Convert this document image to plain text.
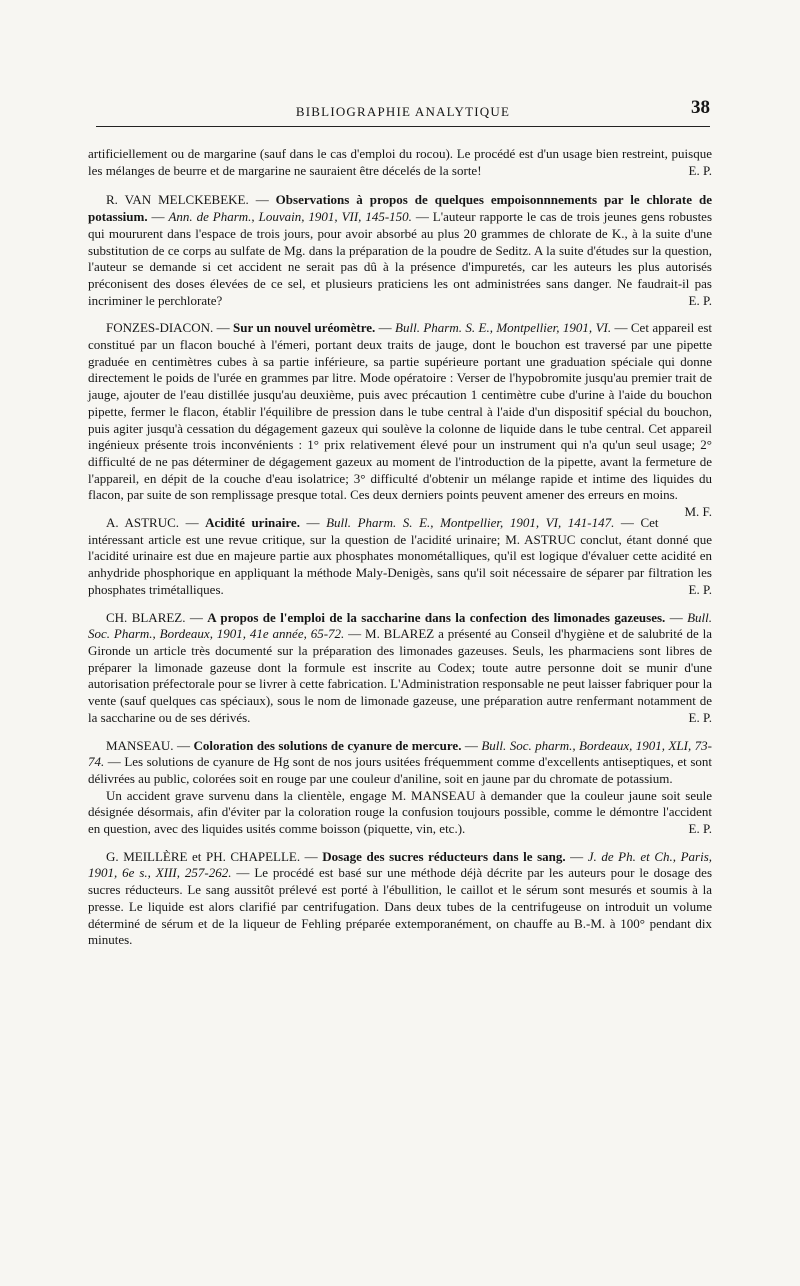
BIBLIOGRAPHIE ANALYTIQUE	38

artificiellement ou de margarine (sauf dans le cas d'emploi du rocou). Le procédé est d'un usage bien restreint, puisque les mélanges de beurre et de margarine ne sauraient être décelés de la sorte!	E. P.

R. VAN MELCKEBEKE. — Observations à propos de quelques empoisonnnements par le chlorate de potassium. — Ann. de Pharm., Louvain, 1901, VII, 145-150. — L'auteur rapporte le cas de trois jeunes gens robustes qui moururent dans l'espace de trois jours, pour avoir absorbé au plus 20 grammes de chlorate de K., à la suite d'une substitution de ce corps au sulfate de Mg. dans la préparation de la poudre de Seditz. A la suite d'études sur la question, l'auteur se demande si cet accident ne serait pas dû à la présence d'impuretés, car les auteurs les plus autorisés préconisent des doses élevées de ce sel, et plusieurs praticiens les ont administrées sans danger. Ne faudrait-il pas incriminer le perchlorate?	E. P.

FONZES-DIACON. — Sur un nouvel uréomètre. — Bull. Pharm. S. E., Montpellier, 1901, VI. — Cet appareil est constitué par un flacon bouché à l'émeri, portant deux traits de jauge, dont le bouchon est traversé par une pipette graduée en centimètres cubes à sa partie inférieure, sa partie supérieure portant une graduation spéciale qui donne directement le poids de l'urée en grammes par litre. Mode opératoire : Verser de l'hypobromite jusqu'au premier trait de jauge, ajouter de l'eau distillée jusqu'au deuxième, puis avec précaution 1 centimètre cube d'urine à l'aide du bouchon pipette, fermer le flacon, établir l'équilibre de pression dans le tube central à l'aide d'un dispositif spécial du bouchon, puis agiter jusqu'à cessation du dégagement gazeux qui soulève la colonne de liquide dans le tube central. Cet appareil ingénieux présente trois inconvénients : 1° prix relativement élevé pour un instrument qui n'a qu'un seul usage; 2° difficulté de ne pas déterminer de dégagement gazeux au moment de l'introduction de la pipette, avant la fermeture de l'appareil, en dépit de la couche d'eau isolatrice; 3° difficulté d'obtenir un mélange rapide et intime des liquides du flacon, par suite de son remplissage presque total. Ces deux derniers points peuvent amener des erreurs en moins.
M. F.

A. ASTRUC. — Acidité urinaire. — Bull. Pharm. S. E., Montpellier, 1901, VI, 141-147. — Cet intéressant article est une revue critique, sur la question de l'acidité urinaire; M. ASTRUC conclut, étant donné que l'acidité urinaire est due en majeure partie aux phosphates monométalliques, qu'il est logique d'évaluer cette acidité en anhydride phosphorique en appliquant la méthode Maly-Denigès, sans qu'il soit nécessaire de séparer par filtration les phosphates trimétalliques.	E. P.

CH. BLAREZ. — A propos de l'emploi de la saccharine dans la confection des limonades gazeuses. — Bull. Soc. Pharm., Bordeaux, 1901, 41e année, 65-72. — M. BLAREZ a présenté au Conseil d'hygiène et de salubrité de la Gironde un article très documenté sur la préparation des limonades gazeuses. Seuls, les pharmaciens sont libres de préparer la limonade gazeuse dont la formule est inscrite au Codex; toute autre personne doit se munir d'une autorisation préfectorale pour se livrer à cette fabrication. L'Administration responsable ne peut laisser fabriquer pour la vente (sauf quelques cas spéciaux), sous le nom de limonade gazeuse, une préparation autre renfermant notamment de la saccharine ou de ses dérivés.	E. P.

MANSEAU. — Coloration des solutions de cyanure de mercure. — Bull. Soc. pharm., Bordeaux, 1901, XLI, 73-74. — Les solutions de cyanure de Hg sont de nos jours usitées fréquemment comme d'excellents antiseptiques, et sont délivrées au public, colorées soit en rouge par une couleur d'aniline, soit en jaune par du chromate de potassium.

Un accident grave survenu dans la clientèle, engage M. MANSEAU à demander que la couleur jaune soit seule désignée désormais, afin d'éviter par la coloration rouge la confusion toujours possible, comme le démontre l'accident en question, avec des liquides usités comme boisson (piquette, vin, etc.).	E. P.

G. MEILLÈRE et PH. CHAPELLE. — Dosage des sucres réducteurs dans le sang. — J. de Ph. et Ch., Paris, 1901, 6e s., XIII, 257-262. — Le procédé est basé sur une méthode déjà décrite par les auteurs pour le dosage des sucres réducteurs. Le sang aussitôt prélevé est porté à l'ébullition, le caillot et le sérum sont mesurés et soumis à la presse. Le liquide est alors clarifié par centrifugation. Dans deux tubes de la centrifugeuse on introduit un volume déterminé de sérum et de la liqueur de Fehling préparée extemporanément, on chauffe au B.-M. à 100° pendant dix minutes.
